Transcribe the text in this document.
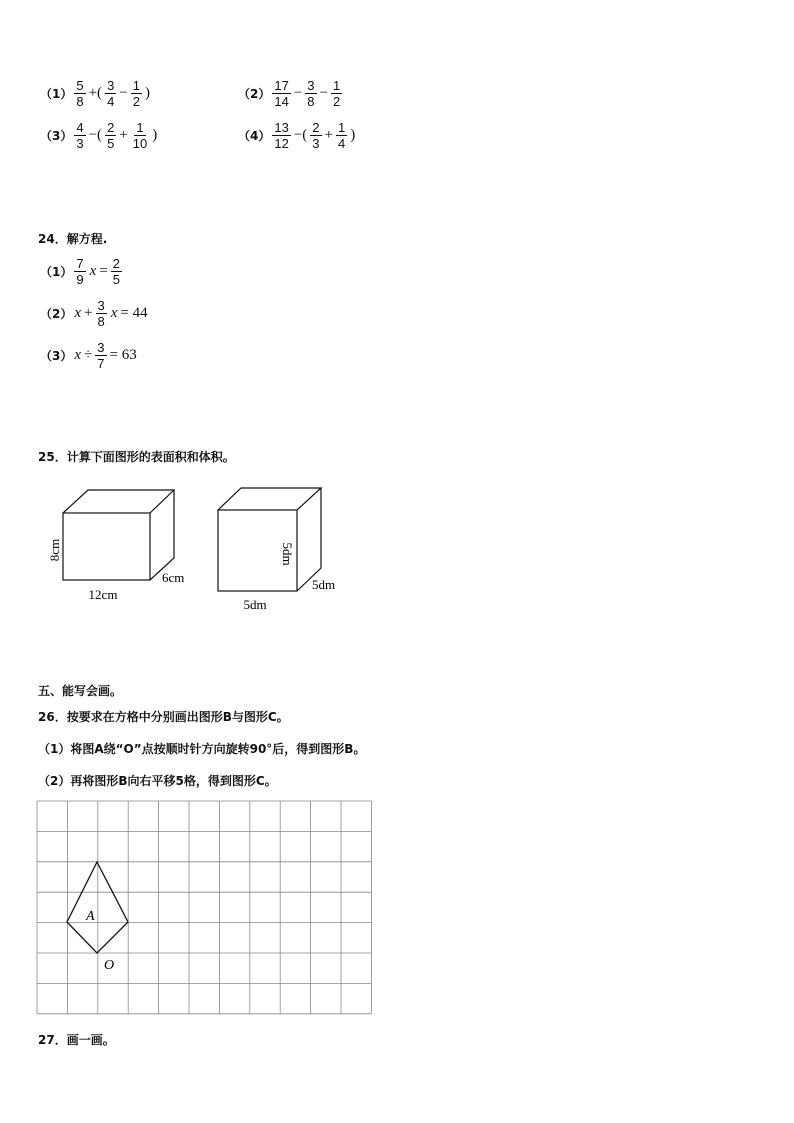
$(1) \frac{5}{8}$ +( $\frac{3}{4} - \frac{1}{2}$ )	$(2) \frac{17}{14} - \frac{3}{8} - \frac{1}{2}$
$(3) \frac{4}{3}$ −( $\frac{2}{5} + \frac{1}{10}$ )	$(4) \frac{13}{12}$ −( $\frac{2}{3} + \frac{1}{4}$ )
24．解方程.
$(1) \frac{7}{9}$ $x = \frac{2}{5}$
（2） $x + \frac{3}{8}$ x = 44
（3） $x \div \frac{3}{7} = 63$
25．计算下面图形的表面积和体积。
8cm
12cm
6cm
5dm
5dm
5dm
五、能写会画。
26．按要求在方格中分别画出图形B与图形C。
（1）将图A绕“O”点按顺时针方向旋转90°后，得到图形B。
（2）再将图形B向右平移5格，得到图形C。
A
O
27．画一画。
